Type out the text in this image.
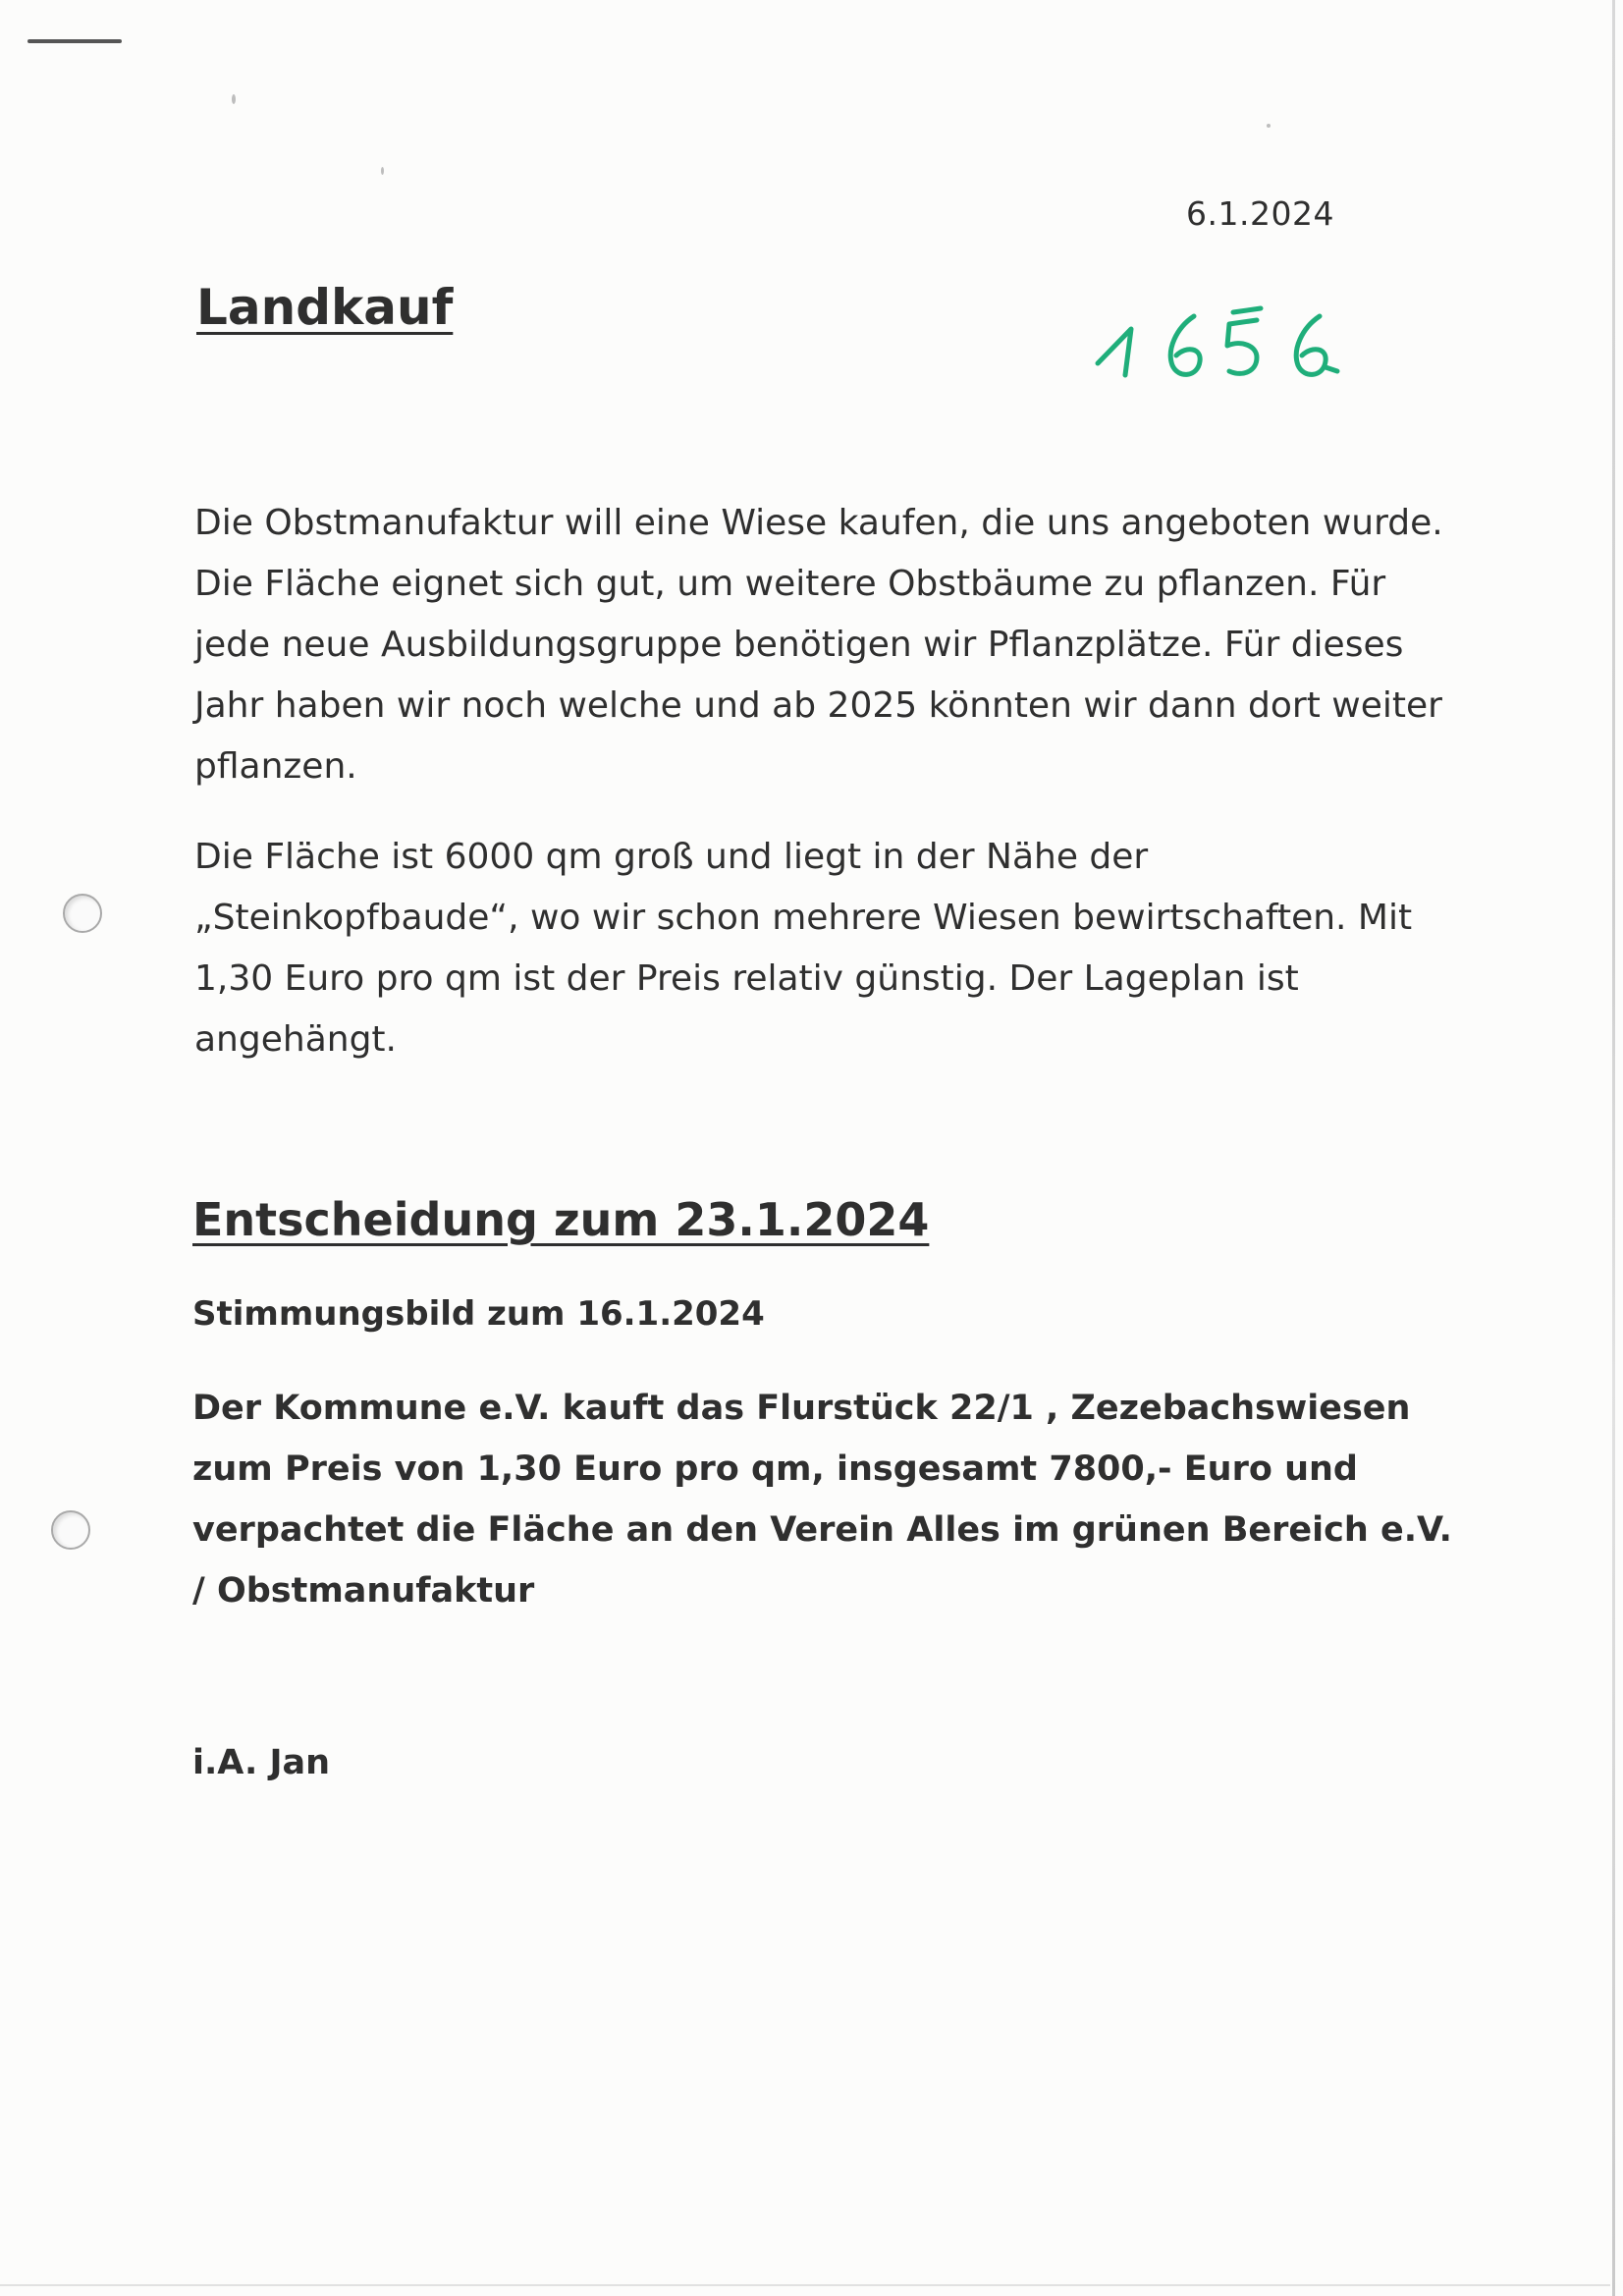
6.1.2024
Landkauf

Die Obstmanufaktur will eine Wiese kaufen, die uns angeboten wurde. Die Fläche eignet sich gut, um weitere Obstbäume zu pflanzen. Für jede neue Ausbildungsgruppe benötigen wir Pflanzplätze. Für dieses Jahr haben wir noch welche und ab 2025 könnten wir dann dort weiter pflanzen.

Die Fläche ist 6000 qm groß und liegt in der Nähe der „Steinkopfbaude“, wo wir schon mehrere Wiesen bewirtschaften. Mit 1,30 Euro pro qm ist der Preis relativ günstig. Der Lageplan ist angehängt.

Entscheidung zum 23.1.2024
Stimmungsbild zum 16.1.2024

Der Kommune e.V. kauft das Flurstück 22/1 , Zezebachswiesen zum Preis von 1,30 Euro pro qm, insgesamt 7800,- Euro und verpachtet die Fläche an den Verein Alles im grünen Bereich e.V. / Obstmanufaktur

i.A. Jan
